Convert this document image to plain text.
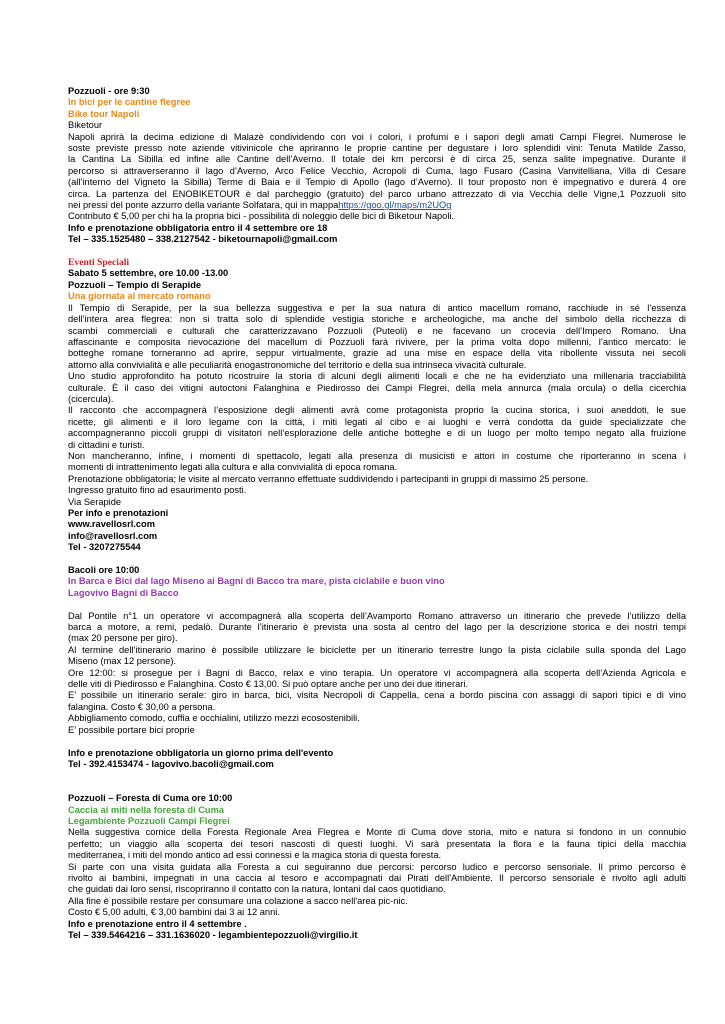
Pozzuoli - ore 9:30
In bici per le cantine flegree
Bike tour Napoli
Biketour
Napoli aprirà la decima edizione di Malazè condividendo con voi i colori, i profumi e i sapori degli amati Campi Flegrei. Numerose le
soste previste presso note aziende vitivinicole che apriranno le proprie cantine per degustare i loro splendidi vini: Tenuta Matilde Zasso,
la Cantina La Sibilla ed infine alle Cantine dell’Averno. Il totale dei km percorsi è di circa 25, senza salite impegnative. Durante il
percorso si attraverseranno il lago d’Averno, Arco Felice Vecchio, Acropoli di Cuma, lago Fusaro (Casina Vanvitelliana, Villa di Cesare
(all’interno del Vigneto la Sibilla) Terme di Baia e il Tempio di Apollo (lago d’Averno). Il tour proposto non è impegnativo e durerà 4 ore
circa. La partenza del ENOBIKETOUR è dal parcheggio (gratuito) del parco urbano attrezzato di via Vecchia delle Vigne,1 Pozzuoli sito
nei pressi del ponte azzurro della variante Solfatara, qui in mappahttps://goo.gl/maps/m2UOg
Contributo € 5,00 per chi ha la propria bici - possibilità di noleggio delle bici di Biketour Napoli.
Info e prenotazione obbligatoria entro il 4 settembre ore 18
Tel – 335.1525480 – 338.2127542 - biketournapoli@gmail.com
Eventi Speciali
Sabato 5 settembre, ore 10.00 -13.00
Pozzuoli – Tempio di Serapide
Una giornata al mercato romano
Il Tempio di Serapide, per la sua bellezza suggestiva e per la sua natura di antico macellum romano, racchiude in sé l’essenza
dell’intera area flegrea: non si tratta solo di splendide vestigia storiche e archeologiche, ma anche del simbolo della ricchezza di
scambi commerciali e culturali che caratterizzavano Pozzuoli (Puteoli) e ne facevano un crocevia dell’Impero Romano. Una
affascinante e composita rievocazione del macellum di Pozzuoli farà rivivere, per la prima volta dopo millenni, l’antico mercato: le
botteghe romane torneranno ad aprire, seppur virtualmente, grazie ad una mise en espace della vita ribollente vissuta nei secoli
attorno alla convivialità e alle peculiarità enogastronomiche del territorio e della sua intrinseca vivacità culturale.
Uno studio approfondito ha potuto ricostruire la storia di alcuni degli alimenti locali e che ne ha evidenziato una millenaria tracciabilità
culturale. È il caso dei vitigni autoctoni Falanghina e Piedirosso dei Campi Flegrei, della mela annurca (mala orcula) o della cicerchia
(cicercula).
Il racconto che accompagnerà l’esposizione degli alimenti avrà come protagonista proprio la cucina storica, i suoi aneddoti, le sue
ricette, gli alimenti e il loro legame con la città, i miti legati al cibo e ai luoghi e verrà condotta da guide specializzate che
accompagneranno piccoli gruppi di visitatori nell’esplorazione delle antiche botteghe e di un luogo per molto tempo negato alla fruizione
di cittadini e turisti.
Non mancheranno, infine, i momenti di spettacolo, legati alla presenza di musicisti e attori in costume che riporteranno in scena i
momenti di intrattenimento legati alla cultura e alla convivialità di epoca romana.
Prenotazione obbligatoria; le visite al mercato verranno effettuate suddividendo i partecipanti in gruppi di massimo 25 persone.
Ingresso gratuito fino ad esaurimento posti.
Via Serapide
Per info e prenotazioni
www.ravellosrl.com
info@ravellosrl.com
Tel - 3207275544
Bacoli ore 10:00
In Barca e Bici dal lago Miseno ai Bagni di Bacco tra mare, pista ciclabile e buon vino
Lagovivo Bagni di Bacco
Dal Pontile n°1 un operatore vi accompagnerà alla scoperta dell’Avamporto Romano attraverso un itinerario che prevede l’utilizzo della
barca a motore, a remi, pedalò. Durante l’itinerario è prevista una sosta al centro del lago per la descrizione storica e dei nostri tempi
(max 20 persone per giro).
Al termine dell’itinerario marino è possibile utilizzare le biciclette per un itinerario terrestre lungo la pista ciclabile sulla sponda del Lago
Miseno (max 12 persone).
Ore 12:00: si prosegue per i Bagni di Bacco, relax e vino terapia. Un operatore vi accompagnerà alla scoperta dell’Azienda Agricola e
delle viti di Piedirosso e Falanghina. Costo € 13,00. Si può optare anche per uno dei due itinerari.
E’ possibile un itinerario serale: giro in barca, bici, visita Necropoli di Cappella, cena a bordo piscina con assaggi di sapori tipici e di vino
falangina. Costo € 30,00 a persona.
Abbigliamento comodo, cuffia e occhialini, utilizzo mezzi ecosostenibili.
E’ possibile portare bici proprie
Info e prenotazione obbligatoria un giorno prima dell'evento
Tel - 392.4153474 - lagovivo.bacoli@gmail.com
Pozzuoli – Foresta di Cuma ore 10:00
Caccia ai miti nella foresta di Cuma
Legambiente Pozzuoli Campi Flegrei
Nella suggestiva cornice della Foresta Regionale Area Flegrea e Monte di Cuma dove storia, mito e natura si fondono in un connubio
perfetto; un viaggio alla scoperta dei tesori nascosti di questi luoghi. Vi sarà presentata la flora e la fauna tipici della macchia
mediterranea, i miti del mondo antico ad essi connessi e la magica storia di questa foresta.
Si parte con una visita guidata alla Foresta a cui seguiranno due percorsi: percorso ludico e percorso sensoriale. Il primo percorso è
rivolto ai bambini, impegnati in una caccia al tesoro e accompagnati dai Pirati dell'Ambiente. Il percorso sensoriale è rivolto agli adulti
che guidati dai loro sensi, riscopriranno il contatto con la natura, lontani dal caos quotidiano.
Alla fine è possibile restare per consumare una colazione a sacco nell'area pic-nic.
Costo € 5,00 adulti, € 3,00 bambini dai 3 ai 12 anni.
Info e prenotazione entro il 4 settembre .
Tel – 339.5464216 – 331.1636020 - legambientepozzuoli@virgilio.it
